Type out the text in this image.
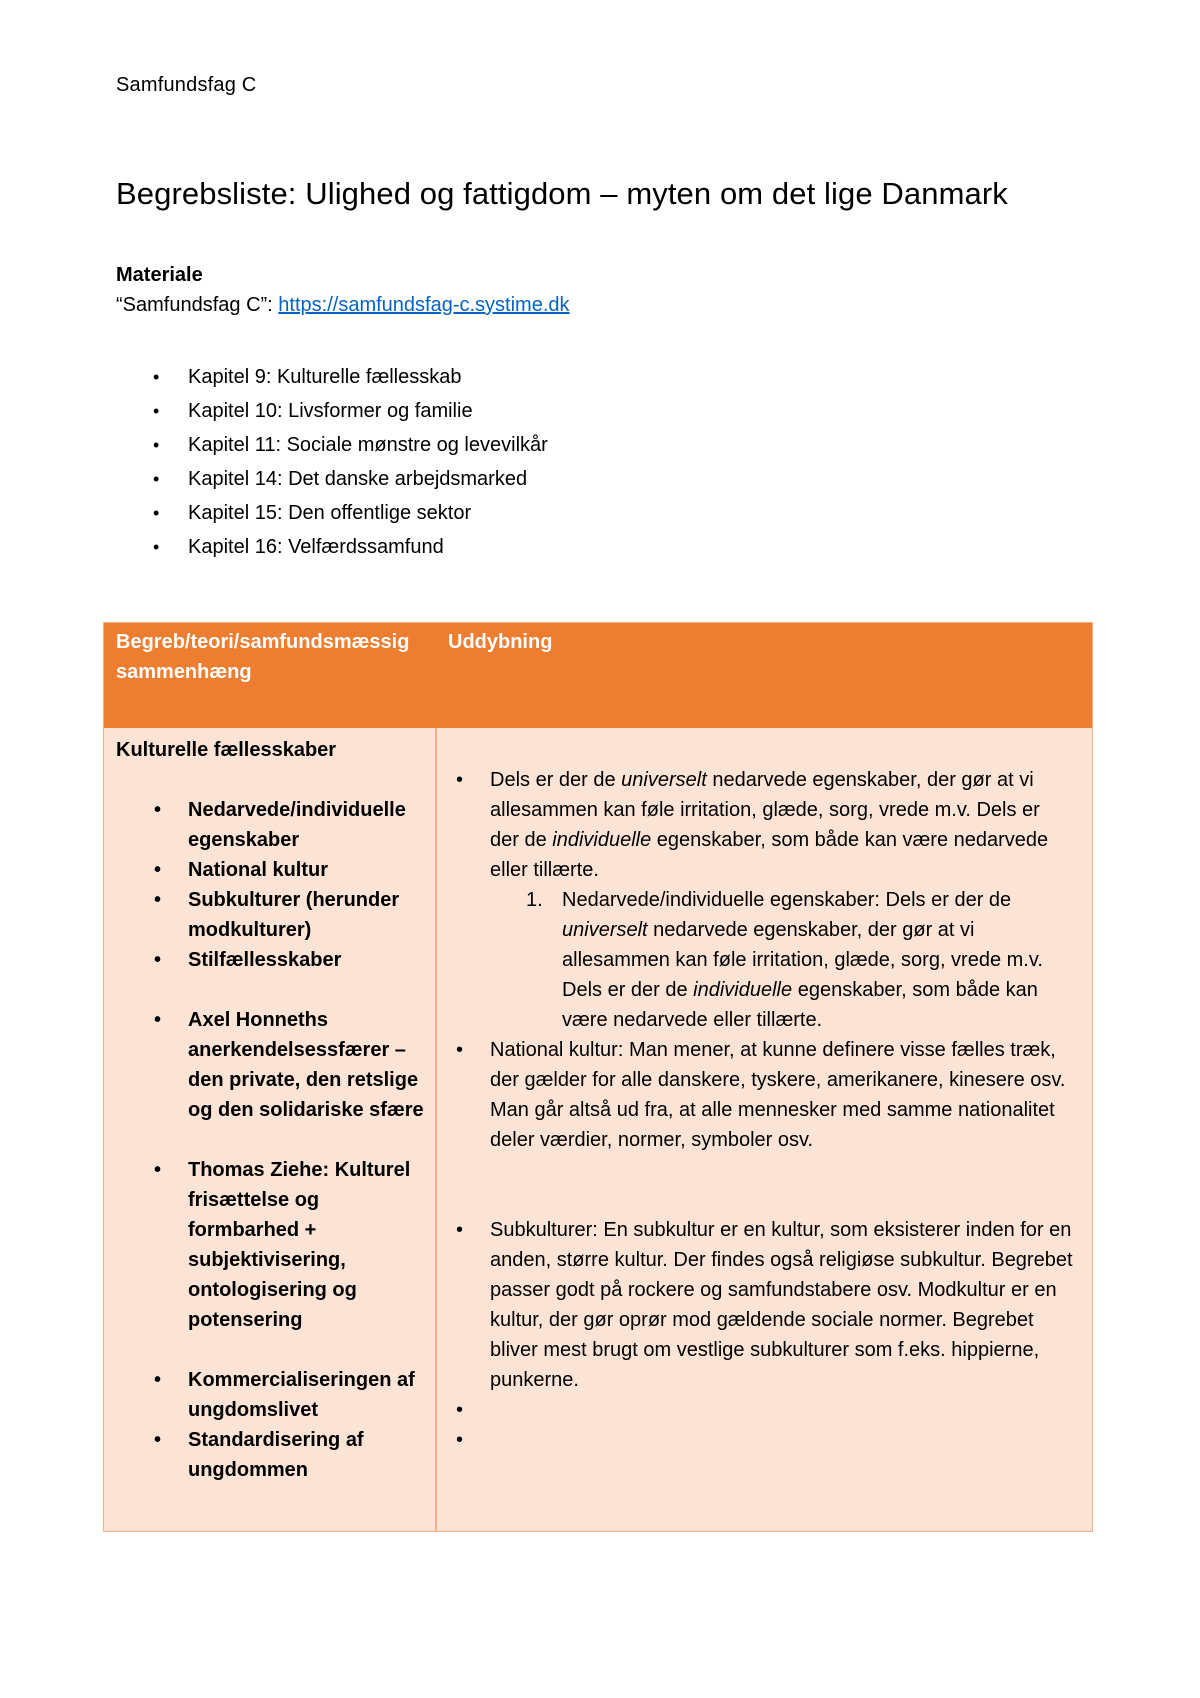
Samfundsfag C
Begrebsliste: Ulighed og fattigdom – myten om det lige Danmark
Materiale
“Samfundsfag C”: https://samfundsfag-c.systime.dk
• Kapitel 9: Kulturelle fællesskab
• Kapitel 10: Livsformer og familie
• Kapitel 11: Sociale mønstre og levevilkår
• Kapitel 14: Det danske arbejdsmarked
• Kapitel 15: Den offentlige sektor
• Kapitel 16: Velfærdssamfund
Begreb/teori/samfundsmæssig sammenhæng
Uddybning
Kulturelle fællesskaber
• Nedarvede/individuelle egenskaber
• National kultur
• Subkulturer (herunder modkulturer)
• Stilfællesskaber
• Axel Honneths anerkendelsessfærer – den private, den retslige og den solidariske sfære
• Thomas Ziehe: Kulturel frisættelse og formbarhed + subjektivisering, ontologisering og potensering
• Kommercialiseringen af ungdomslivet
• Standardisering af ungdommen
• Dels er der de universelt nedarvede egenskaber, der gør at vi allesammen kan føle irritation, glæde, sorg, vrede m.v. Dels er der de individuelle egenskaber, som både kan være nedarvede eller tillærte.
1. Nedarvede/individuelle egenskaber: Dels er der de universelt nedarvede egenskaber, der gør at vi allesammen kan føle irritation, glæde, sorg, vrede m.v. Dels er der de individuelle egenskaber, som både kan være nedarvede eller tillærte.
• National kultur: Man mener, at kunne definere visse fælles træk, der gælder for alle danskere, tyskere, amerikanere, kinesere osv. Man går altså ud fra, at alle mennesker med samme nationalitet deler værdier, normer, symboler osv.
• Subkulturer: En subkultur er en kultur, som eksisterer inden for en anden, større kultur. Der findes også religiøse subkultur. Begrebet passer godt på rockere og samfundstabere osv. Modkultur er en kultur, der gør oprør mod gældende sociale normer. Begrebet bliver mest brugt om vestlige subkulturer som f.eks. hippierne, punkerne.
•
•
